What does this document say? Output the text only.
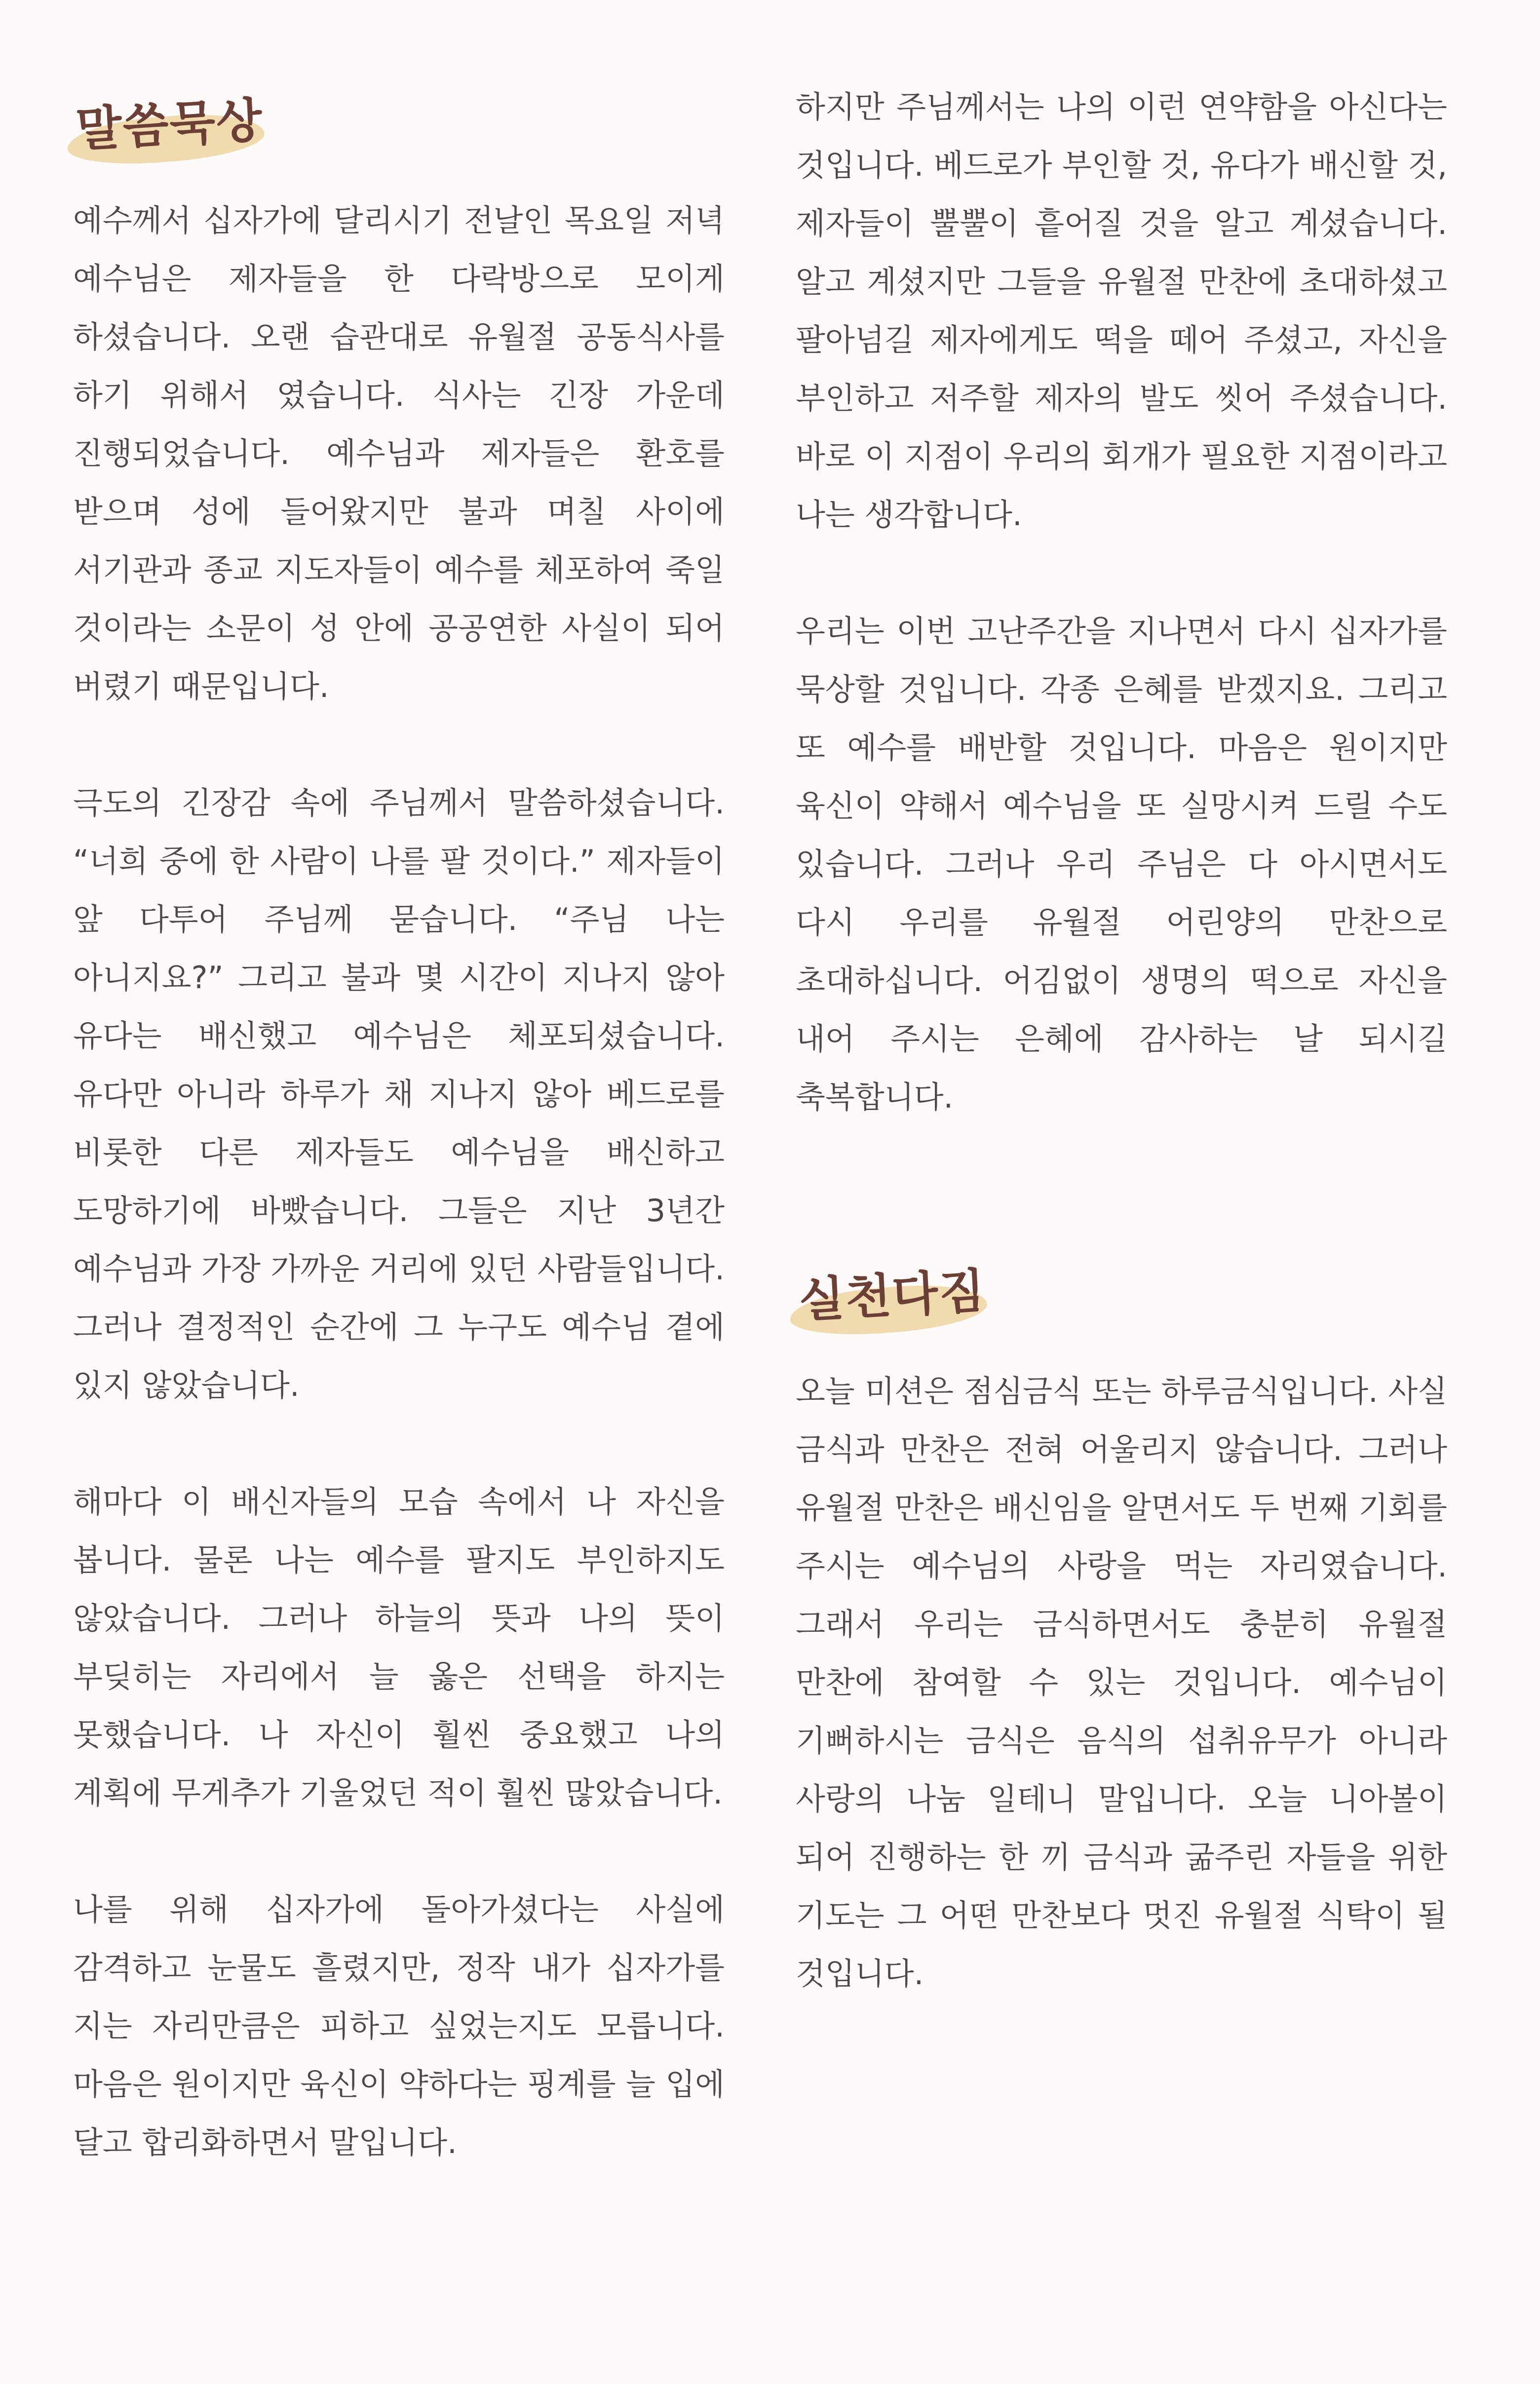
말씀묵상

예수께서 십자가에 달리시기 전날인 목요일 저녁 예수님은 제자들을 한 다락방으로 모이게 하셨습니다. 오랜 습관대로 유월절 공동식사를 하기 위해서 였습니다. 식사는 긴장 가운데 진행되었습니다. 예수님과 제자들은 환호를 받으며 성에 들어왔지만 불과 며칠 사이에 서기관과 종교 지도자들이 예수를 체포하여 죽일 것이라는 소문이 성 안에 공공연한 사실이 되어 버렸기 때문입니다.

극도의 긴장감 속에 주님께서 말씀하셨습니다. “너희 중에 한 사람이 나를 팔 것이다.” 제자들이 앞 다투어 주님께 묻습니다. “주님 나는 아니지요?” 그리고 불과 몇 시간이 지나지 않아 유다는 배신했고 예수님은 체포되셨습니다. 유다만 아니라 하루가 채 지나지 않아 베드로를 비롯한 다른 제자들도 예수님을 배신하고 도망하기에 바빴습니다. 그들은 지난 3년간 예수님과 가장 가까운 거리에 있던 사람들입니다. 그러나 결정적인 순간에 그 누구도 예수님 곁에 있지 않았습니다.

해마다 이 배신자들의 모습 속에서 나 자신을 봅니다. 물론 나는 예수를 팔지도 부인하지도 않았습니다. 그러나 하늘의 뜻과 나의 뜻이 부딪히는 자리에서 늘 옳은 선택을 하지는 못했습니다. 나 자신이 훨씬 중요했고 나의 계획에 무게추가 기울었던 적이 훨씬 많았습니다.

나를 위해 십자가에 돌아가셨다는 사실에 감격하고 눈물도 흘렸지만, 정작 내가 십자가를 지는 자리만큼은 피하고 싶었는지도 모릅니다. 마음은 원이지만 육신이 약하다는 핑계를 늘 입에 달고 합리화하면서 말입니다.

하지만 주님께서는 나의 이런 연약함을 아신다는 것입니다. 베드로가 부인할 것, 유다가 배신할 것, 제자들이 뿔뿔이 흩어질 것을 알고 계셨습니다. 알고 계셨지만 그들을 유월절 만찬에 초대하셨고 팔아넘길 제자에게도 떡을 떼어 주셨고, 자신을 부인하고 저주할 제자의 발도 씻어 주셨습니다. 바로 이 지점이 우리의 회개가 필요한 지점이라고 나는 생각합니다.

우리는 이번 고난주간을 지나면서 다시 십자가를 묵상할 것입니다. 각종 은혜를 받겠지요. 그리고 또 예수를 배반할 것입니다. 마음은 원이지만 육신이 약해서 예수님을 또 실망시켜 드릴 수도 있습니다. 그러나 우리 주님은 다 아시면서도 다시 우리를 유월절 어린양의 만찬으로 초대하십니다. 어김없이 생명의 떡으로 자신을 내어 주시는 은혜에 감사하는 날 되시길 축복합니다.

실천다짐

오늘 미션은 점심금식 또는 하루금식입니다. 사실 금식과 만찬은 전혀 어울리지 않습니다. 그러나 유월절 만찬은 배신임을 알면서도 두 번째 기회를 주시는 예수님의 사랑을 먹는 자리였습니다. 그래서 우리는 금식하면서도 충분히 유월절 만찬에 참여할 수 있는 것입니다. 예수님이 기뻐하시는 금식은 음식의 섭취유무가 아니라 사랑의 나눔 일테니 말입니다. 오늘 니아볼이 되어 진행하는 한 끼 금식과 굶주린 자들을 위한 기도는 그 어떤 만찬보다 멋진 유월절 식탁이 될 것입니다.
